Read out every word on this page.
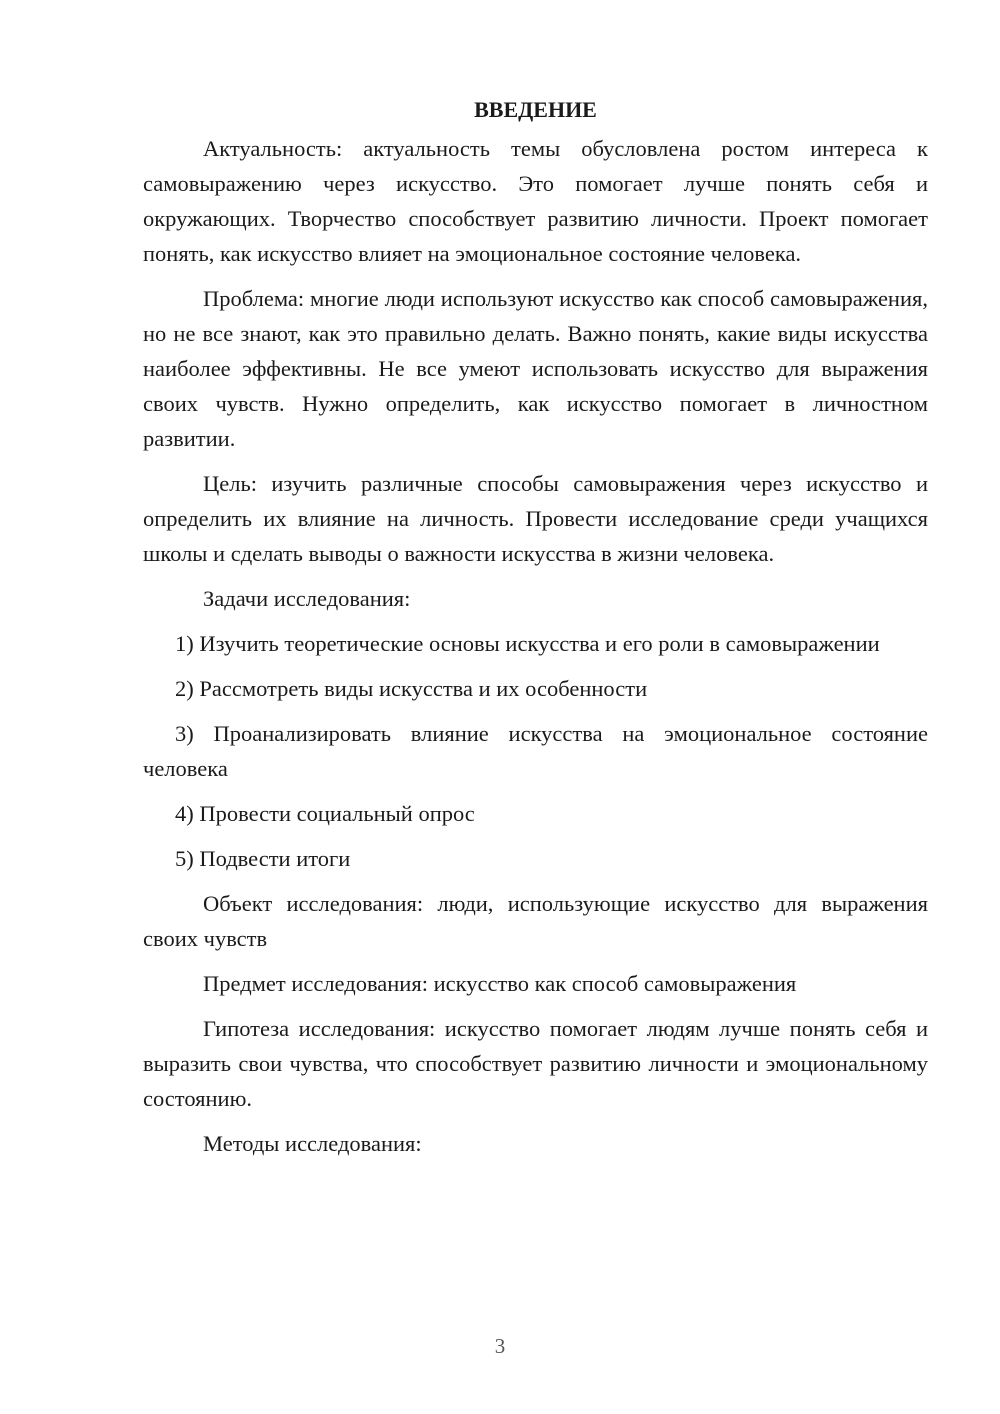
ВВЕДЕНИЕ

Актуальность: актуальность темы обусловлена ростом интереса к самовыражению через искусство. Это помогает лучше понять себя и окружающих. Творчество способствует развитию личности. Проект помогает понять, как искусство влияет на эмоциональное состояние человека.

Проблема: многие люди используют искусство как способ самовыражения, но не все знают, как это правильно делать. Важно понять, какие виды искусства наиболее эффективны. Не все умеют использовать искусство для выражения своих чувств. Нужно определить, как искусство помогает в личностном развитии.

Цель: изучить различные способы самовыражения через искусство и определить их влияние на личность. Провести исследование среди учащихся школы и сделать выводы о важности искусства в жизни человека.

Задачи исследования:

1) Изучить теоретические основы искусства и его роли в самовыражении

2) Рассмотреть виды искусства и их особенности

3) Проанализировать влияние искусства на эмоциональное состояние человека

4) Провести социальный опрос

5) Подвести итоги

Объект исследования: люди, использующие искусство для выражения своих чувств

Предмет исследования: искусство как способ самовыражения

Гипотеза исследования: искусство помогает людям лучше понять себя и выразить свои чувства, что способствует развитию личности и эмоциональному состоянию.

Методы исследования:

3
